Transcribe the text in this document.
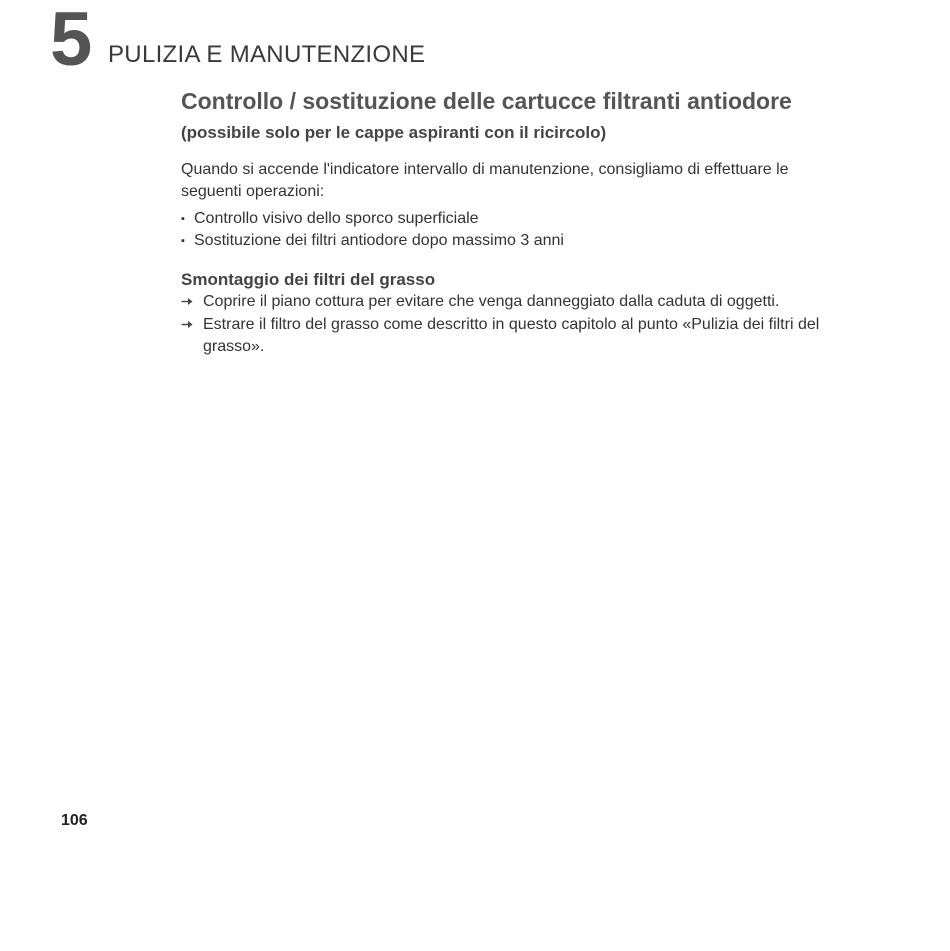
5 PULIZIA E MANUTENZIONE
Controllo / sostituzione delle cartucce filtranti antiodore
(possibile solo per le cappe aspiranti con il ricircolo)

Quando si accende l'indicatore intervallo di manutenzione, consigliamo di effettuare le seguenti operazioni:

▪ Controllo visivo dello sporco superficiale
▪ Sostituzione dei filtri antiodore dopo massimo 3 anni
Smontaggio dei filtri del grasso
Coprire il piano cottura per evitare che venga danneggiato dalla caduta di oggetti.
Estrare il filtro del grasso come descritto in questo capitolo al punto «Pulizia dei filtri del grasso».
106
